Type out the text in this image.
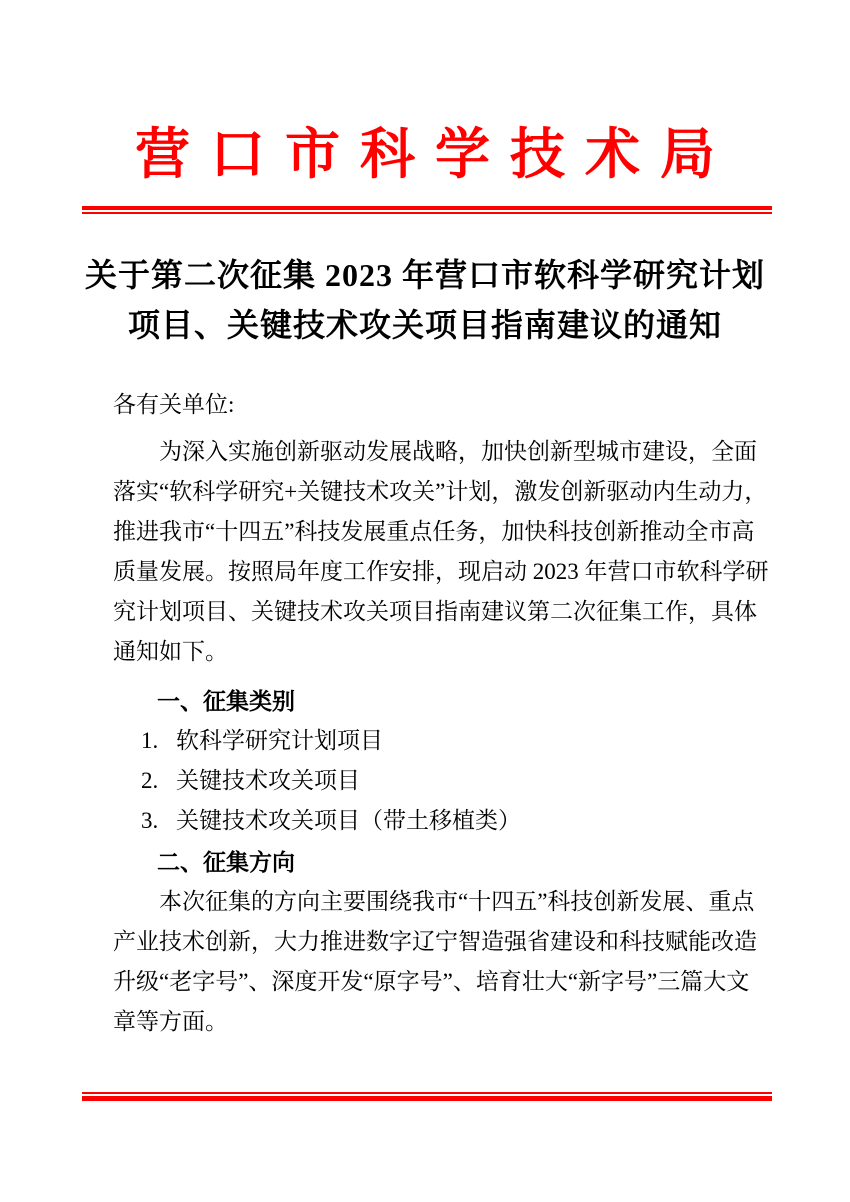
营口市科学技术局
关于第二次征集 2023 年营口市软科学研究计划
项目、关键技术攻关项目指南建议的通知
各有关单位:
为深入实施创新驱动发展战略，加快创新型城市建设，全面
落实“软科学研究+关键技术攻关”计划，激发创新驱动内生动力，
推进我市“十四五”科技发展重点任务，加快科技创新推动全市高
质量发展。按照局年度工作安排，现启动 2023 年营口市软科学研
究计划项目、关键技术攻关项目指南建议第二次征集工作，具体
通知如下。
一、征集类别
1. 软科学研究计划项目
2. 关键技术攻关项目
3. 关键技术攻关项目（带土移植类）
二、征集方向
本次征集的方向主要围绕我市“十四五”科技创新发展、重点
产业技术创新，大力推进数字辽宁智造强省建设和科技赋能改造
升级“老字号”、深度开发“原字号”、培育壮大“新字号”三篇大文
章等方面。
